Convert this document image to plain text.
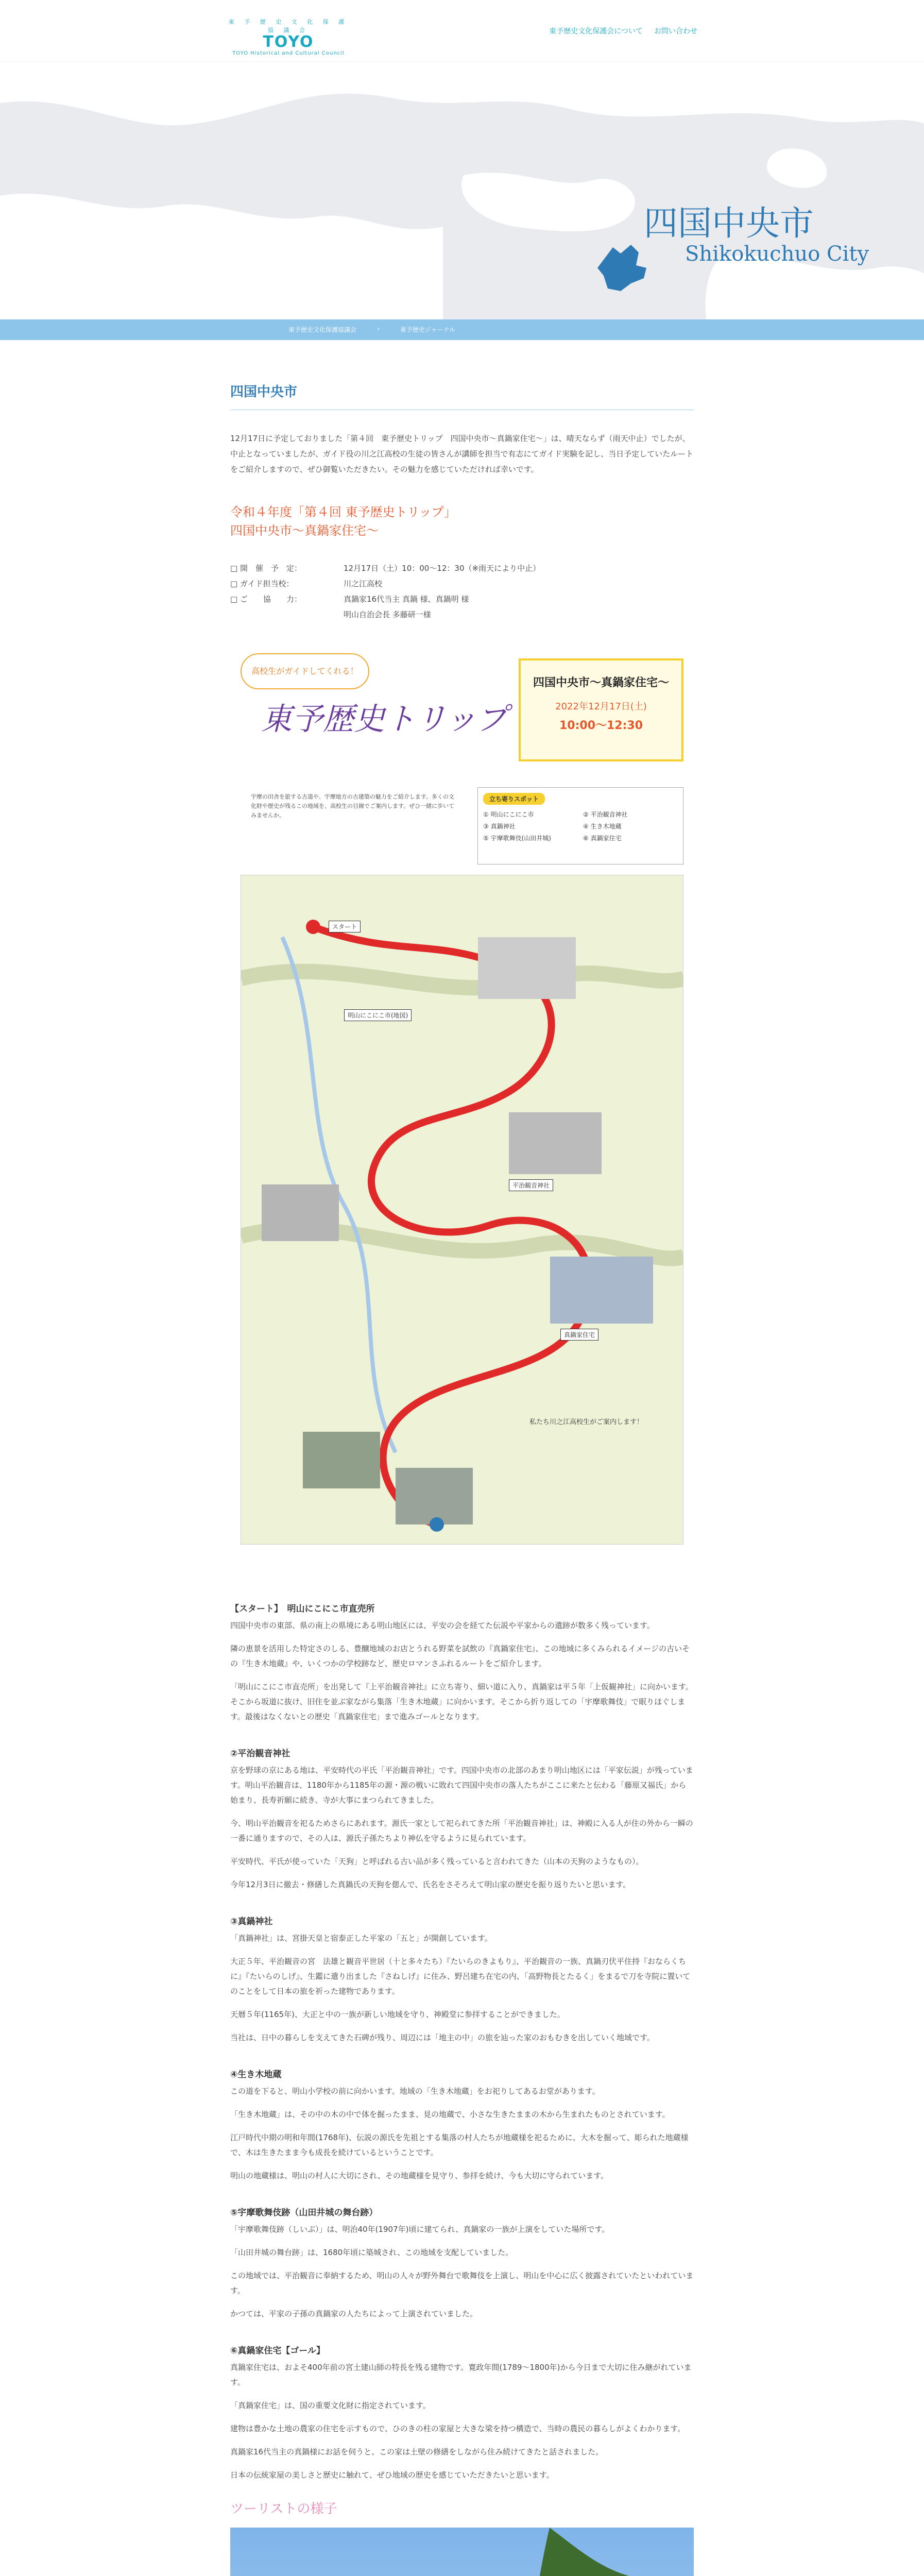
東 予 歴 史 文 化 保 護 協 議 会
TOYO
TOYO Historical and Cultural Council
東予歴史文化保護会について お問い合わせ
四国中央市
Shikokuchuo City
東予歴史文化保護協議会	›	東予歴史ジャーナル
四国中央市

12月17日に予定しておりました「第４回　東予歴史トリップ　四国中央市〜真鍋家住宅〜」は、晴天ならず（雨天中止）でしたが、中止となっていましたが、ガイド役の川之江高校の生徒の皆さんが講師を担当で有志にてガイド実験を記し、当日予定していたルートをご紹介しますので、ぜひ御覧いただきたい。その魅力を感じていただければ幸いです。

令和４年度「第４回 東予歴史トリップ」
四国中央市〜真鍋家住宅〜
□ 開　催　予　定：	12月17日（土）10：00〜12：30（※雨天により中止）
□ ガイド担当校：	川之江高校
□ ご　　協　　力：	真鍋家16代当主 真鍋 様、真鍋明 様
明山自治会長 多藤研一様
高校生がガイドしてくれる！
東予歴史トリップ
四国中央市〜真鍋家住宅〜
2022年12月17日(土)
10:00〜12:30
宇摩の田舎を旅する古道や、宇摩地方の古建築の魅力をご紹介します。多くの文化財や歴史が残るこの地域を、高校生の目線でご案内します。ぜひ一緒に歩いてみませんか。
立ち寄りスポット
① 明山にこにこ市	② 平治観音神社
③ 真鍋神社	④ 生き木地蔵
⑤ 宇摩歌舞伎(山田井城)	⑥ 真鍋家住宅
スタート
明山にこにこ市(地図)
平治観音神社
真鍋家住宅
私たち川之江高校生がご案内します！
【スタート】　明山にこにこ市直売所

四国中央市の東部、県の南上の県境にある明山地区には、平安の会を経てた伝説や平家からの遺跡が数多く残っています。

隣の恵景を活用した特定さのしる、豊醸地域のお店とうれる野菜を試飲の『真鍋家住宅』、この地域に多くみられるイメージの古いその『生き木地蔵』や、いくつかの学校跡など、歴史ロマンさふれるルートをご紹介します。

「明山にこにこ市直売所」を出発して『上平治観音神社』に立ち寄り、細い道に入り、真鍋家は平５年「上仮観神社」に向かいます。そこから坂道に抜け、旧住を並ぶ家ながら集落「生き木地蔵」に向かいます。そこから折り返しての「宇摩歌舞伎」で眠りほぐします。最後はなくないとの歴史「真鍋家住宅」まで進みゴールとなります。

②平治観音神社

京を野球の京にある地は、平安時代の平氏「平治観音神社」です。四国中央市の北部のあまり明山地区には「平家伝説」が残っています。明山平治観音は、1180年から1185年の源・源の戦いに敗れて四国中央市の落人たちがここに来たと伝わる「藤原又福氏」から始まり、長寿祈願に続き、寺が大事にまつられてきました。

今、明山平治観音を祀るためさらにあれます。源氏一家として祀られてきた所「平治観音神社」は、神殿に入る人が住の外から一瞬の一番に通りますので、その人は、源氏子孫たちより神仏を守るように見られています。

平安時代、平氏が使っていた「天狗」と呼ばれる古い品が多く残っていると言われてきた（山本の天狗のようなもの）。

今年12月3日に撤去・修繕した真鍋氏の天狗を偲んで、氏名をさそろえて明山家の歴史を振り返りたいと思います。

③真鍋神社

「真鍋神社」は、宮掛天皇と宿泰正した平家の「五と」が開創しています。

大正５年、平治観音の宮　法雄と観音平世居（十と多々たち）『たいらのきよもり』、平治観音の一族、真鍋刃伏平住持『おならくちに』『たいらのしげ』、生鑑に遣り出ました『さねしげ』に住み、野呂建ち在宅の内、「高野物長とたるく」をまるで刀を寺院に置いてのことをして日本の旅を祈った建物であります。

天暦５年(1165年)、大正と中の一族が新しい地域を守り、神殿堂に参拝することができました。

当社は、日中の暮らしを支えてきた石碑が残り、周辺には「地主の中」の旅を辿った家のおもむきを出していく地域です。

④生き木地蔵

この道を下ると、明山小学校の前に向かいます。地域の「生き木地蔵」をお祀りしてあるお堂があります。

「生き木地蔵」は、その中の木の中で体を掘ったまま、見の地蔵で、小さな生きたままの木から生まれたものとされています。

江戸時代中期の明和年間(1768年)、伝説の源氏を先祖とする集落の村人たちが地蔵様を祀るために、大木を掘って、彫られた地蔵様で、木は生きたまま今も成長を続けているということです。

明山の地蔵様は、明山の村人に大切にされ、その地蔵様を見守り、参拝を続け、今も大切に守られています。

⑤宇摩歌舞伎跡（山田井城の舞台跡）

「宇摩歌舞伎跡（しいぶ）」は、明治40年(1907年)頃に建てられ、真鍋家の一族が上演をしていた場所です。

「山田井城の舞台跡」は、1680年頃に築城され、この地域を支配していました。

この地域では、平治観音に奉納するため、明山の人々が野外舞台で歌舞伎を上演し、明山を中心に広く披露されていたといわれています。

かつては、平家の子孫の真鍋家の人たちによって上演されていました。

⑥真鍋家住宅【ゴール】

真鍋家住宅は、およそ400年前の宮土建山師の特長を残る建物です。寛政年間(1789〜1800年)から今日まで大切に住み継がれています。

「真鍋家住宅」は、国の重要文化財に指定されています。

建物は豊かな土地の農家の住宅を示すもので、ひのきの柱の家屋と大きな梁を持つ構造で、当時の農民の暮らしがよくわかります。

真鍋家16代当主の真鍋様にお話を伺うと、この家は土壁の修繕をしながら住み続けてきたと話されました。

日本の伝統家屋の美しさと歴史に触れて、ぜひ地域の歴史を感じていただきたいと思います。

ツーリストの様子
